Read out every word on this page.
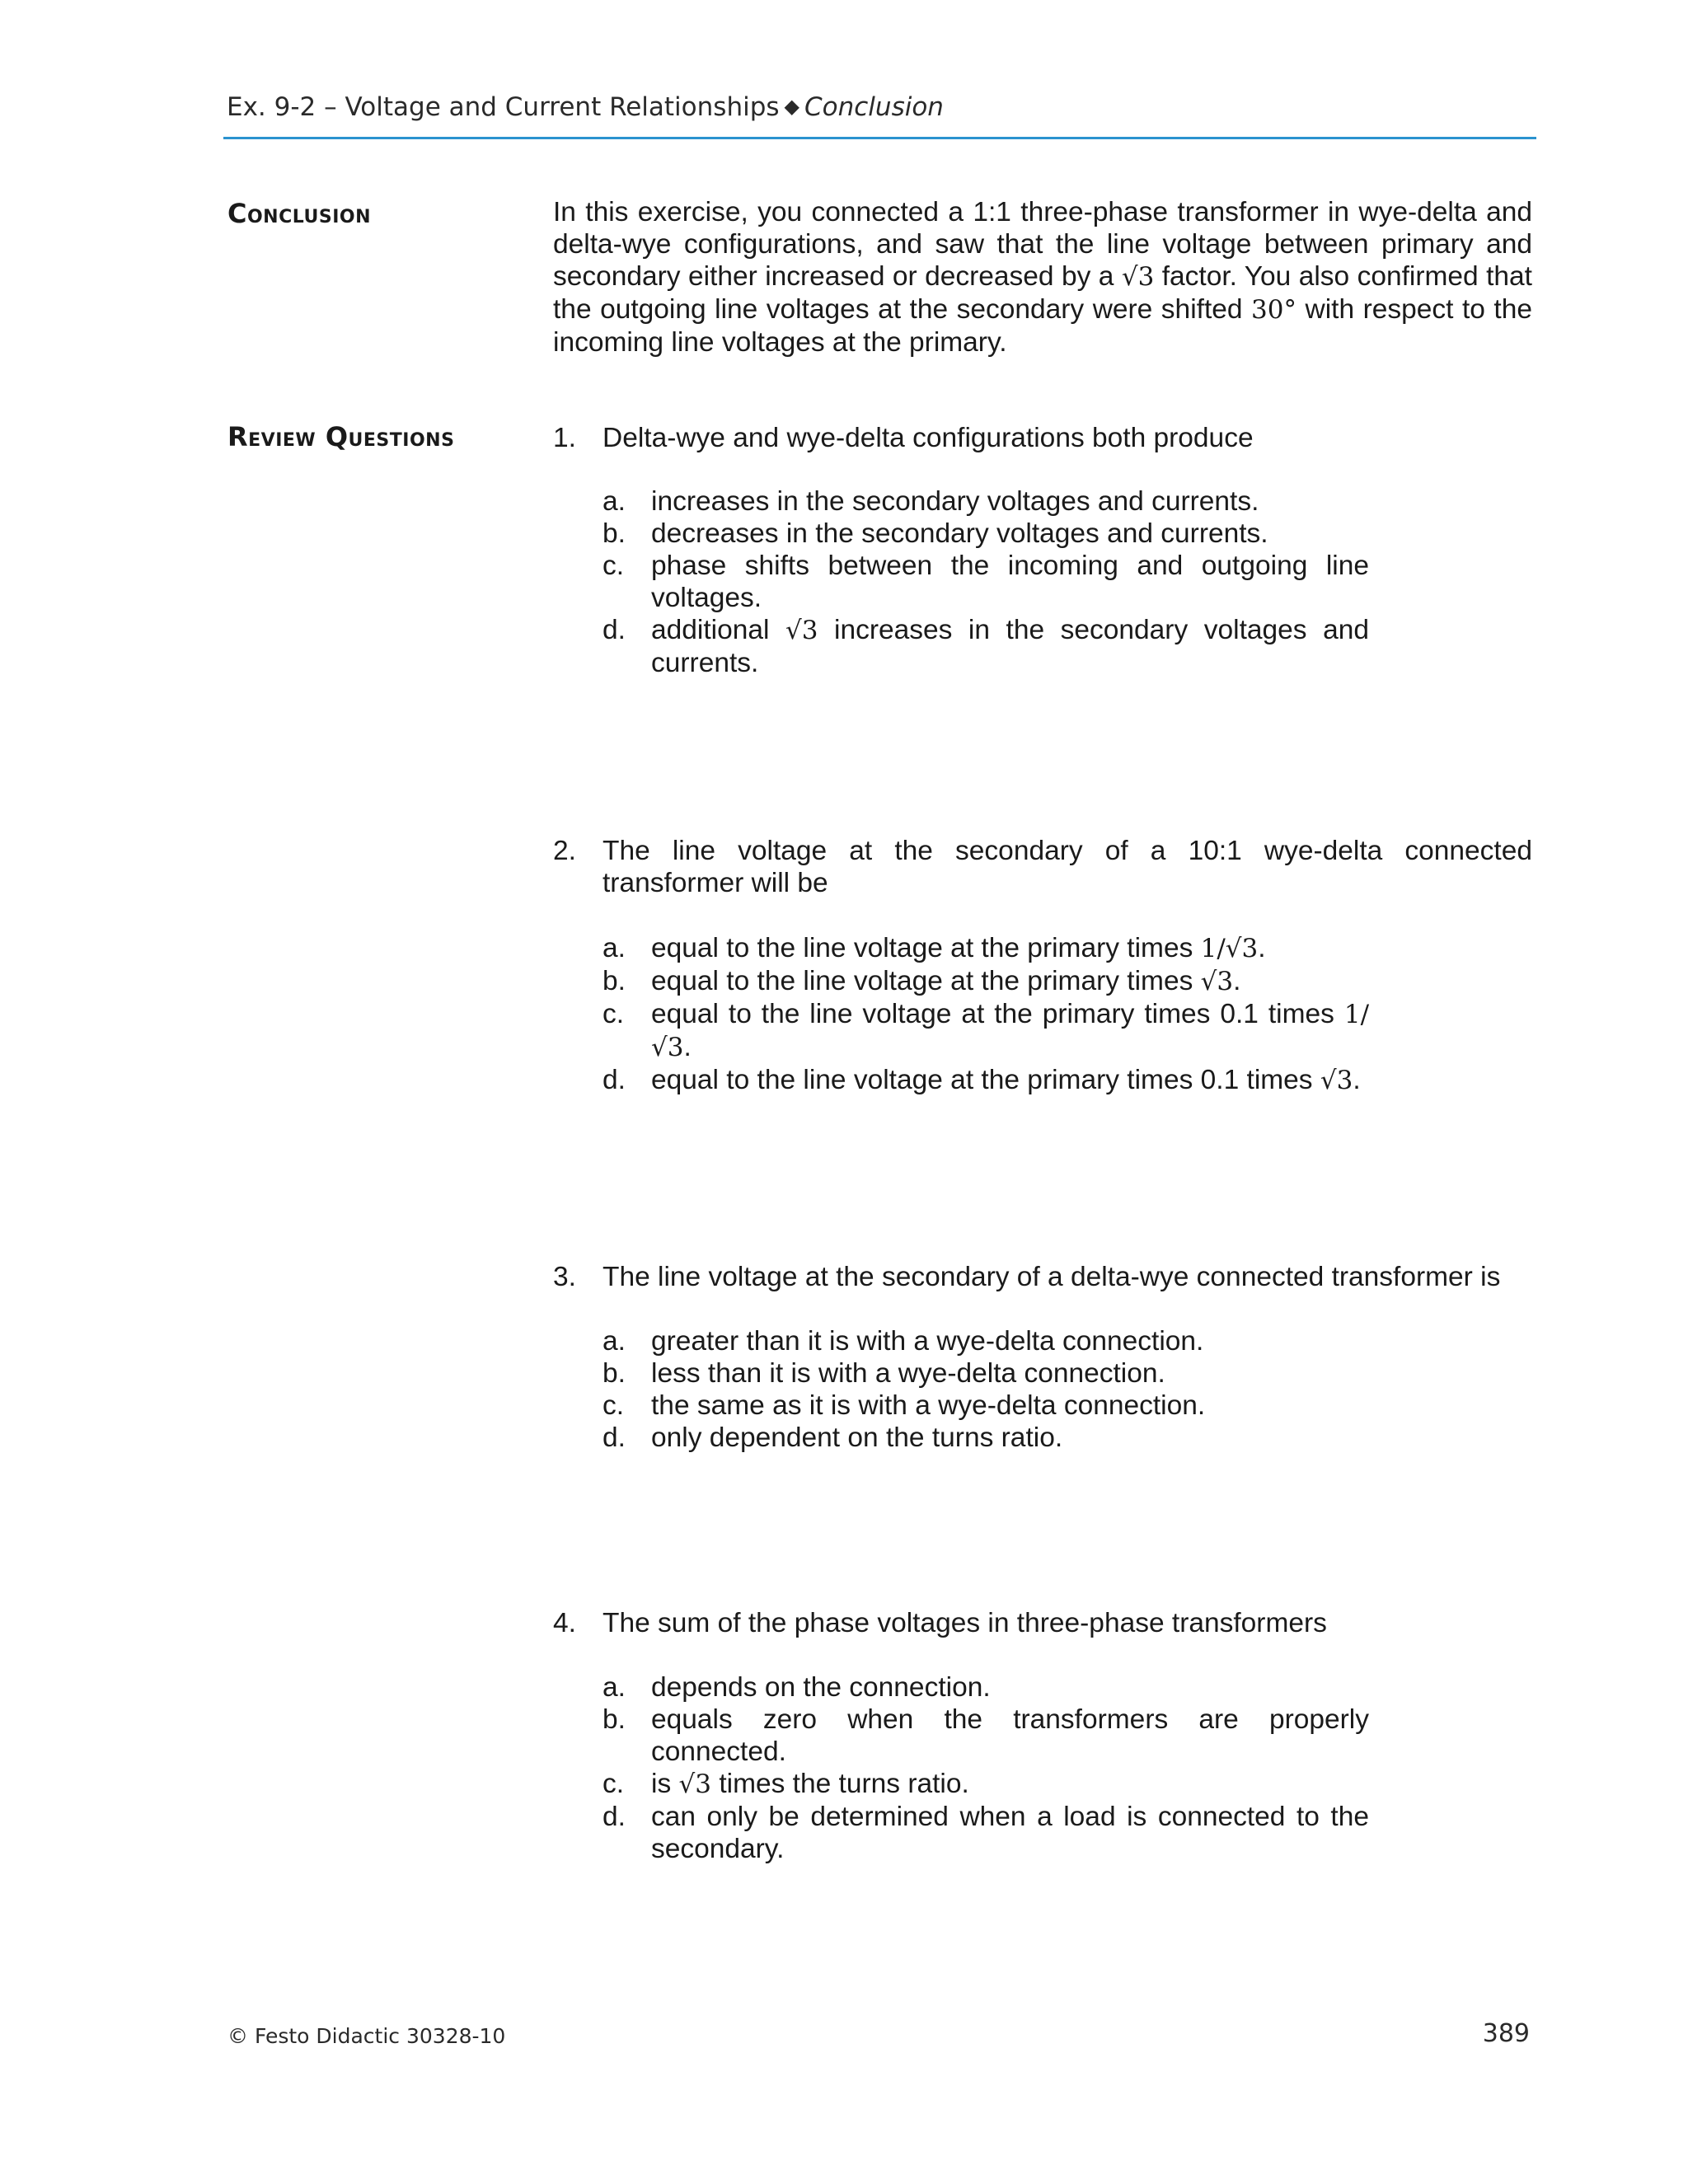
Ex. 9-2 – Voltage and Current Relationships ◆ Conclusion
Conclusion	In this exercise, you connected a 1:1 three-phase transformer in wye-delta and delta-wye configurations, and saw that the line voltage between primary and secondary either increased or decreased by a √3 factor. You also confirmed that the outgoing line voltages at the secondary were shifted 30° with respect to the incoming line voltages at the primary.
Review Questions	1. Delta-wye and wye-delta configurations both produce
a. increases in the secondary voltages and currents.
b. decreases in the secondary voltages and currents.
c. phase shifts between the incoming and outgoing line voltages.
d. additional √3 increases in the secondary voltages and currents.
2. The line voltage at the secondary of a 10:1 wye-delta connected transformer will be
a. equal to the line voltage at the primary times 1/√3.
b. equal to the line voltage at the primary times √3.
c. equal to the line voltage at the primary times 0.1 times 1/√3.
d. equal to the line voltage at the primary times 0.1 times √3.
3. The line voltage at the secondary of a delta-wye connected transformer is
a. greater than it is with a wye-delta connection.
b. less than it is with a wye-delta connection.
c. the same as it is with a wye-delta connection.
d. only dependent on the turns ratio.
4. The sum of the phase voltages in three-phase transformers
a. depends on the connection.
b. equals zero when the transformers are properly connected.
c. is √3 times the turns ratio.
d. can only be determined when a load is connected to the secondary.
© Festo Didactic 30328-10	389
